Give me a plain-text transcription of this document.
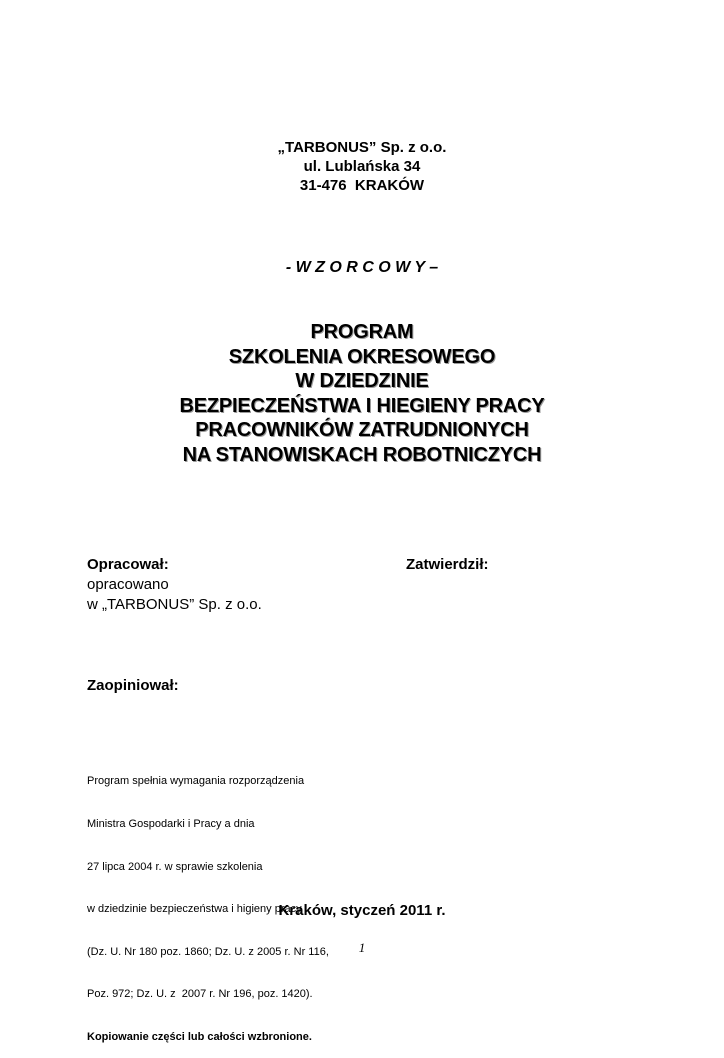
„TARBONUS” Sp. z o.o.
ul. Lublańska 34
31-476  KRAKÓW
- W Z O R C O W Y –
PROGRAM
SZKOLENIA OKRESOWEGO
W DZIEDZINIE
BEZPIECZEŃSTWA I HIEGIENY PRACY
PRACOWNIKÓW ZATRUDNIONYCH
NA STANOWISKACH ROBOTNICZYCH
Opracował:	Zatwierdził:
opracowano
w „TARBONUS” Sp. z o.o.
Zaopiniował:

Program spełnia wymagania rozporządzenia

Ministra Gospodarki i Pracy a dnia

27 lipca 2004 r. w sprawie szkolenia

w dziedzinie bezpieczeństwa i higieny pracy

(Dz. U. Nr 180 poz. 1860; Dz. U. z 2005 r. Nr 116,

Poz. 972; Dz. U. z  2007 r. Nr 196, poz. 1420).

Kopiowanie części lub całości wzbronione.

Kraków, styczeń 2011 r.
1
